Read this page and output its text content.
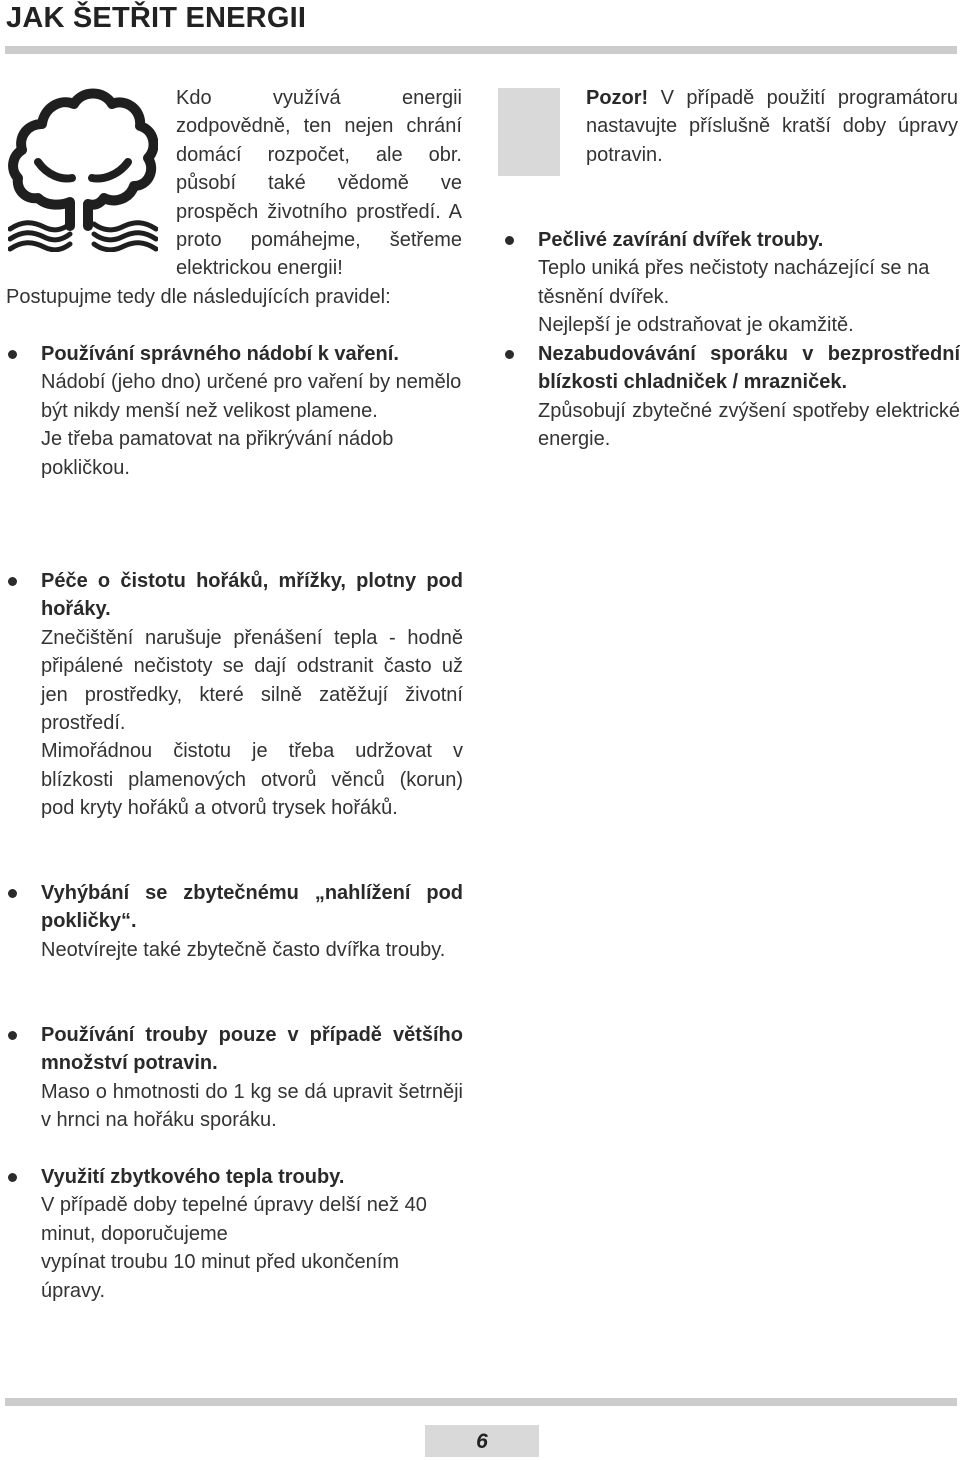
JAK ŠETŘIT ENERGII
Kdo využívá energii zodpovědně, ten nejen chrání domácí rozpočet, ale obr. působí také vědomě ve prospěch životního prostředí. A proto pomáhejme, šetřeme elektrickou energii!
Postupujme tedy dle následujících pravidel:

Používání správného nádobí k vaření.

Nádobí (jeho dno) určené pro vaření by nemělo být nikdy menší než velikost plamene.

Je třeba pamatovat na přikrývání nádob pokličkou.

Péče o čistotu hořáků, mřížky, plotny pod hořáky.

Znečištění narušuje přenášení tepla - hodně připálené nečistoty se dají odstranit často už jen prostředky, které silně zatěžují životní prostředí.

Mimořádnou čistotu je třeba udržovat v blízkosti plamenových otvorů věnců (korun) pod kryty hořáků a otvorů trysek hořáků.

Vyhýbání se zbytečnému „nahlížení pod pokličky“.

Neotvírejte také zbytečně často dvířka trouby.

Používání trouby pouze v případě většího množství potravin.

Maso o hmotnosti do 1 kg se dá upravit šetrněji v hrnci na hořáku sporáku.

Využití zbytkového tepla trouby.

V případě doby tepelné úpravy delší než 40 minut, doporučujeme

vypínat troubu 10 minut před ukončením úpravy.

Pozor! V případě použití programátoru nastavujte příslušně kratší doby úpravy potravin.

Pečlivé zavírání dvířek trouby.

Teplo uniká přes nečistoty nacházející se na těsnění dvířek.

Nejlepší je odstraňovat je okamžitě.

Nezabudovávání sporáku v bezprostřední blízkosti chladniček / mrazniček.

Způsobují zbytečné zvýšení spotřeby elektrické energie.

6
